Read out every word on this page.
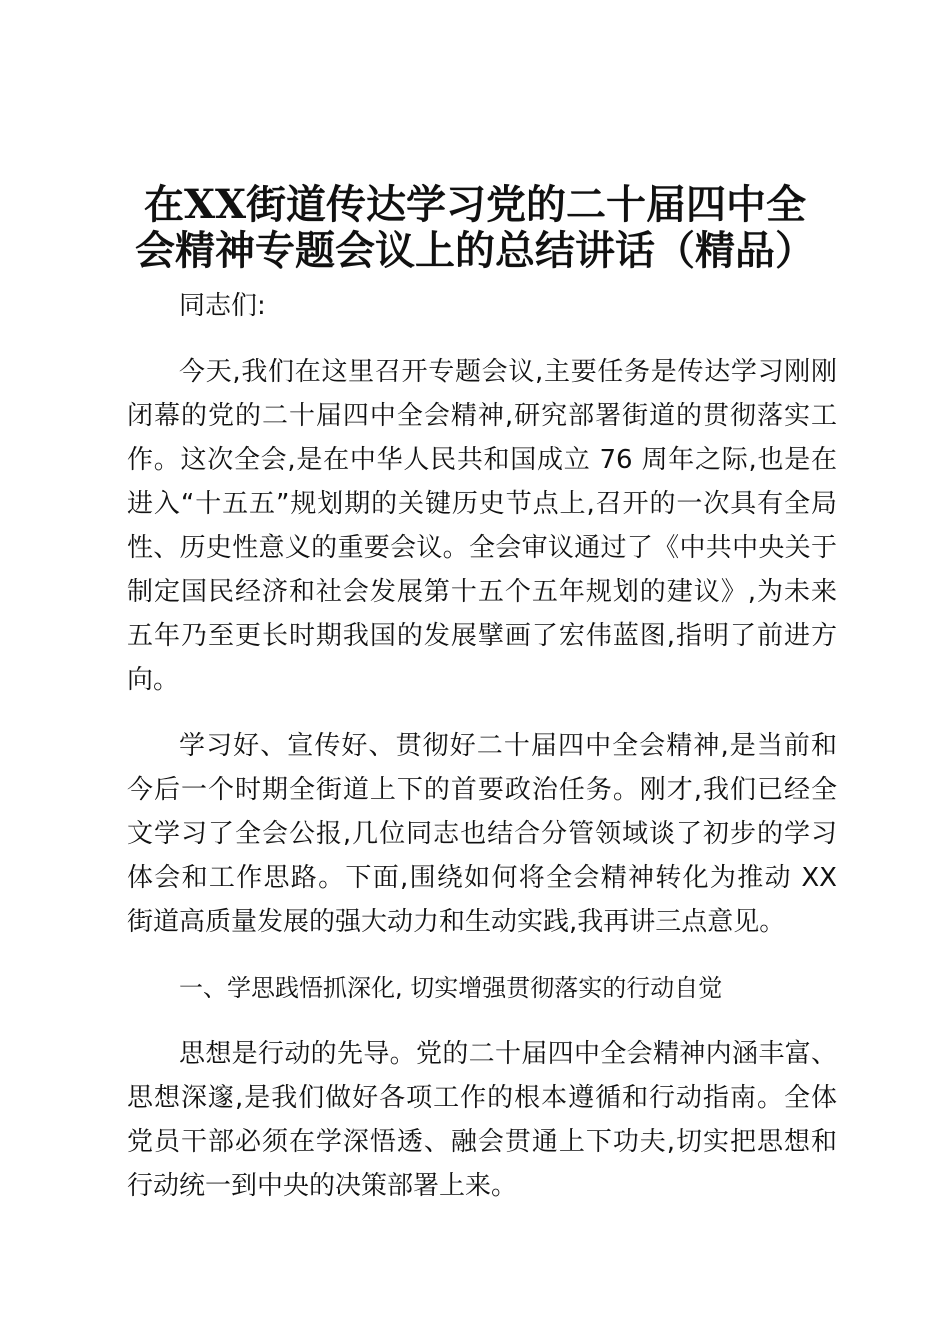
在XX街道传达学习党的二十届四中全
会精神专题会议上的总结讲话（精品）

同志们:

今天,我们在这里召开专题会议,主要任务是传达学习刚刚闭幕的党的二十届四中全会精神,研究部署街道的贯彻落实工作。这次全会,是在中华人民共和国成立 76 周年之际,也是在进入“十五五”规划期的关键历史节点上,召开的一次具有全局性、历史性意义的重要会议。全会审议通过了《中共中央关于制定国民经济和社会发展第十五个五年规划的建议》,为未来五年乃至更长时期我国的发展擘画了宏伟蓝图,指明了前进方向。

学习好、宣传好、贯彻好二十届四中全会精神,是当前和今后一个时期全街道上下的首要政治任务。刚才,我们已经全文学习了全会公报,几位同志也结合分管领域谈了初步的学习体会和工作思路。下面,围绕如何将全会精神转化为推动 XX 街道高质量发展的强大动力和生动实践,我再讲三点意见。

一、学思践悟抓深化, 切实增强贯彻落实的行动自觉

思想是行动的先导。党的二十届四中全会精神内涵丰富、思想深邃,是我们做好各项工作的根本遵循和行动指南。全体党员干部必须在学深悟透、融会贯通上下功夫,切实把思想和行动统一到中央的决策部署上来。
